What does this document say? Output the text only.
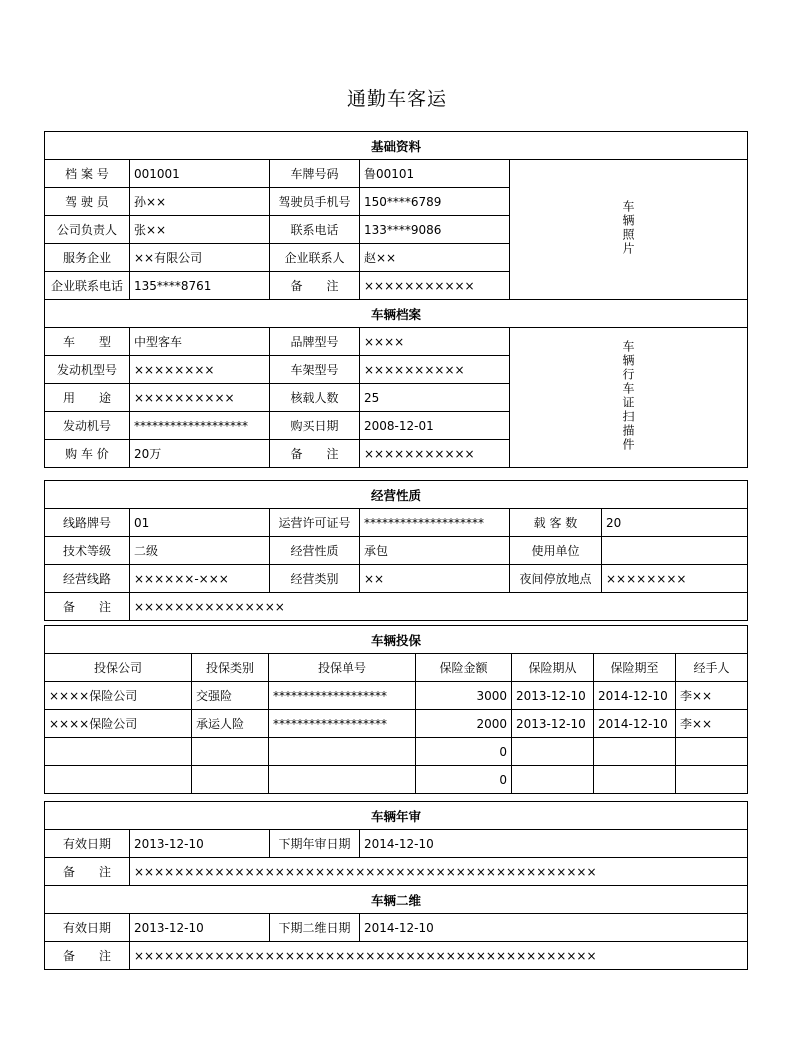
通勤车客运
基础资料				
档 案 号	001001	车牌号码	鲁00101	车辆照片
驾 驶 员	孙××	驾驶员手机号	150****6789	
公司负责人	张××	联系电话	133****9086	
服务企业	××有限公司	企业联系人	赵××	
企业联系电话	135****8761	备　　注	×××××××××××	
车辆档案				
车　　型	中型客车	品牌型号	××××	车辆行车证扫描件
发动机型号	××××××××	车架型号	××××××××××	
用　　途	××××××××××	核载人数	25	
发动机号	*******************	购买日期	2008-12-01	
购 车 价	20万	备　　注	×××××××××××	
经营性质					
线路牌号	01	运营许可证号	********************	载 客 数	20
技术等级	二级	经营性质	承包	使用单位	
经营线路	××××××-×××	经营类别	××	夜间停放地点	××××××××
备　　注	×××××××××××××××				
车辆投保						
投保公司	投保类别	投保单号	保险金额	保险期从	保险期至	经手人
××××保险公司	交强险	*******************	3000	2013-12-10	2014-12-10	李××
××××保险公司	承运人险	*******************	2000	2013-12-10	2014-12-10	李××
			0			
			0			
车辆年审			
有效日期	2013-12-10	下期年审日期	2014-12-10
备　　注	××××××××××××××××××××××××××××××××××××××××××××××		
车辆二维			
有效日期	2013-12-10	下期二维日期	2014-12-10
备　　注	××××××××××××××××××××××××××××××××××××××××××××××		
